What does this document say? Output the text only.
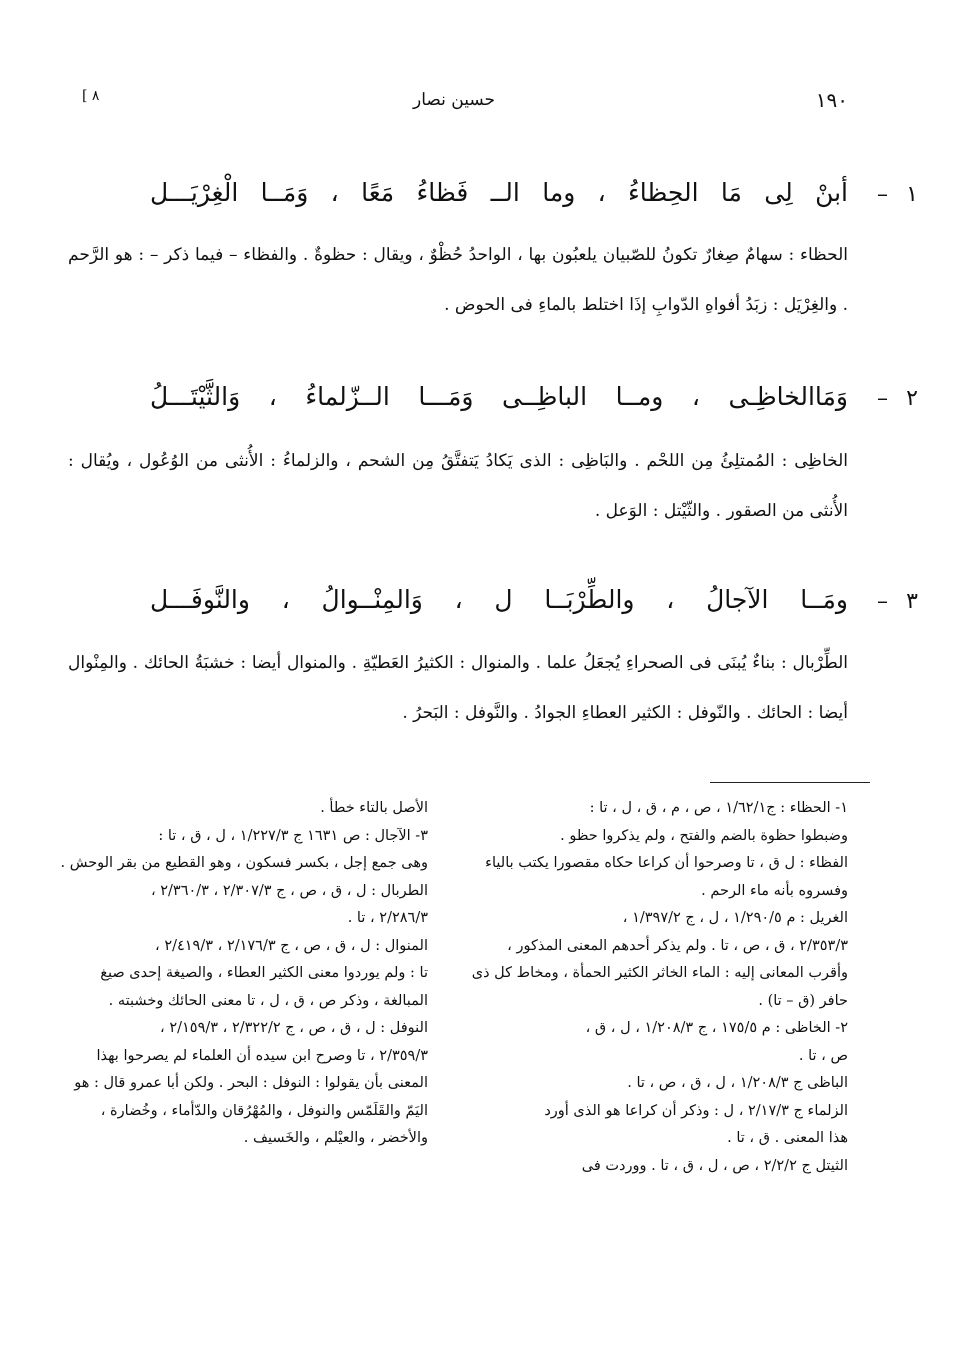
١٩٠
حسين نصار
[ ٨
١
–
أبنْ لِى مَا الحِظاءُ ، وما الــ فَظاءُ مَعًا ، وَمَــا الْغِرْيَـــل

الحظاء : سهامٌ صِغارٌ تكونُ للصّبيان يلعبُون بها ، الواحدُ حُظْوٌ ، ويقال : حظوةٌ . والفظاء – فيما ذكر – : هو الرَّحم . والغِرْيَل : زبَدُ أفواهِ الدّوابِ إذَا اختلط بالماءِ فى الحوض .

٢
–
وَمَاالخاظِـى ، ومــا الباظِــى وَمَـــا الــزّلماءُ ، وَالثَّيْتَـــلُ

الخاظِى : المُمتلِئُ مِن اللحْم . والبَاظِى : الذى يَكادُ يَتفتَّقُ مِن الشحم ، والزلماءُ : الأُنثى من الوُعُول ، ويُقال : الأُنثى من الصقور . والثّيْتل : الوَعل .

٣
–
ومَــا الآجالُ ، والطِّرْبَــا ل ، وَالمِنْــوالُ ، والنَّوفَـــل

الطِّرْبال : بناءٌ يُبنَى فى الصحراءِ يُجعَلُ علما . والمنوال : الكثيرُ العَطيّةِ . والمنوال أيضا : خشبَةُ الحائك . والمِنْوال أيضا : الحائك . والنّوفل : الكثير العطاءِ الجوادُ . والنَّوفل : البَحرُ .

١- الحظاء : ج١/٦٢/١ ، ص ، م ، ق ، ل ، تا :

وضبطوا حظوة بالضم والفتح ، ولم يذكروا حظو .

الفظاء : ل ق ، تا وصرحوا أن كراعا حكاه مقصورا يكتب بالياء

وفسروه بأنه ماء الرحم .

الغريل : م ١/٢٩٠/٥ ، ل ، ج ١/٣٩٧/٢ ،

٢/٣٥٣/٣ ، ق ، ص ، تا . ولم يذكر أحدهم المعنى المذكور ،

وأقرب المعانى إليه : الماء الخاثر الكثير الحمأة ، ومخاط كل ذى

حافر (ق – تا) .

٢- الخاظى : م ١٧٥/٥ ، ج ١/٢٠٨/٣ ، ل ، ق ،

ص ، تا .

الباظى ج ١/٢٠٨/٣ ، ل ، ق ، ص ، تا .

الزلماء ج ٢/١٧/٣ ، ل : وذكر أن كراعا هو الذى أورد

هذا المعنى . ق ، تا .

الثيتل ج ٢/٢/٢ ، ص ، ل ، ق ، تا . ووردت فى

الأصل بالتاء خطأ .

٣- الآجال : ص ١٦٣١ ج ١/٢٢٧/٣ ، ل ، ق ، تا :

وهى جمع إجل ، بكسر فسكون ، وهو القطيع من بقر الوحش .

الطربال : ل ، ق ، ص ، ج ٢/٣٠٧/٣ ، ٢/٣٦٠/٣ ،

٢/٢٨٦/٣ ، تا .

المنوال : ل ، ق ، ص ، ج ٢/١٧٦/٣ ، ٢/٤١٩/٣ ،

تا : ولم يوردوا معنى الكثير العطاء ، والصيغة إحدى صيغ

المبالغة ، وذكر ص ، ق ، ل ، تا معنى الحائك وخشبته .

النوفل : ل ، ق ، ص ، ج ٢/٣٢٢/٢ ، ٢/١٥٩/٣ ،

٢/٣٥٩/٣ ، تا وصرح ابن سيده أن العلماء لم يصرحوا بهذا

المعنى بأن يقولوا : النوفل : البحر . ولكن أبا عمرو قال : هو

اليَمّ والقَلَمّس والنوفل ، والمُهْرُقان والدّأماء ، وخُضارة ،

والأخضر ، والعيْلم ، والخَسيف .
